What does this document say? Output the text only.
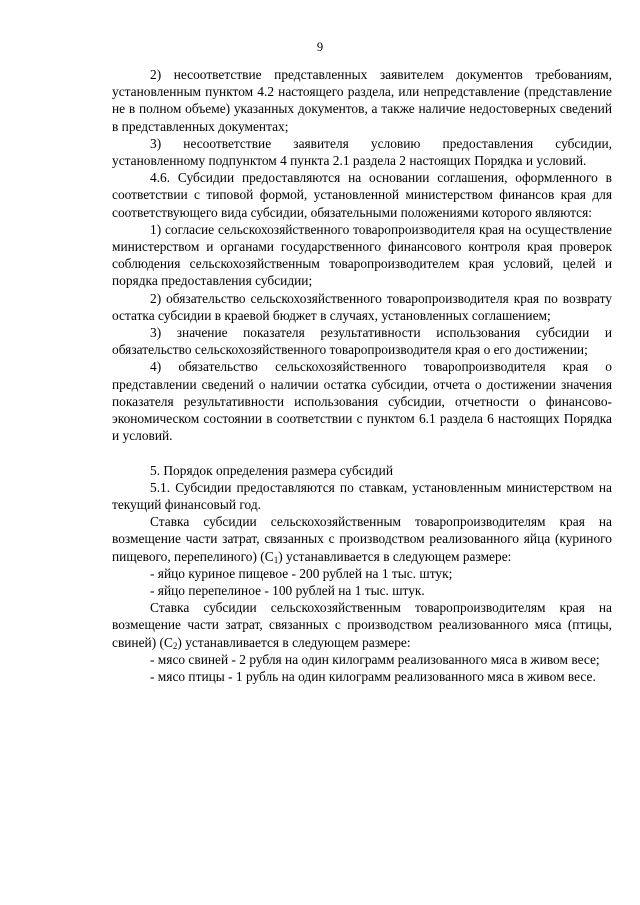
9

2) несоответствие представленных заявителем документов требованиям, установленным пунктом 4.2 настоящего раздела, или непредставление (представление не в полном объеме) указанных документов, а также наличие недостоверных сведений в представленных документах;

3) несоответствие заявителя условию предоставления субсидии, установленному подпунктом 4 пункта 2.1 раздела 2 настоящих Порядка и условий.

4.6. Субсидии предоставляются на основании соглашения, оформленного в соответствии с типовой формой, установленной министерством финансов края для соответствующего вида субсидии, обязательными положениями которого являются:

1) согласие сельскохозяйственного товаропроизводителя края на осуществление министерством и органами государственного финансового контроля края проверок соблюдения сельскохозяйственным товаропроизводителем края условий, целей и порядка предоставления субсидии;

2) обязательство сельскохозяйственного товаропроизводителя края по возврату остатка субсидии в краевой бюджет в случаях, установленных соглашением;

3) значение показателя результативности использования субсидии и обязательство сельскохозяйственного товаропроизводителя края о его достижении;

4) обязательство сельскохозяйственного товаропроизводителя края о представлении сведений о наличии остатка субсидии, отчета о достижении значения показателя результативности использования субсидии, отчетности о финансово-экономическом состоянии в соответствии с пунктом 6.1 раздела 6 настоящих Порядка и условий.

5. Порядок определения размера субсидий

5.1. Субсидии предоставляются по ставкам, установленным министерством на текущий финансовый год.

Ставка субсидии сельскохозяйственным товаропроизводителям края на возмещение части затрат, связанных с производством реализованного яйца (куриного пищевого, перепелиного) $(С_1)$ устанавливается в следующем размере:

- яйцо куриное пищевое - 200 рублей на 1 тыс. штук;

- яйцо перепелиное - 100 рублей на 1 тыс. штук.

Ставка субсидии сельскохозяйственным товаропроизводителям края на возмещение части затрат, связанных с производством реализованного мяса (птицы, свиней) $(С_2)$ устанавливается в следующем размере:

- мясо свиней - 2 рубля на один килограмм реализованного мяса в живом весе;

- мясо птицы - 1 рубль на один килограмм реализованного мяса в живом весе.
